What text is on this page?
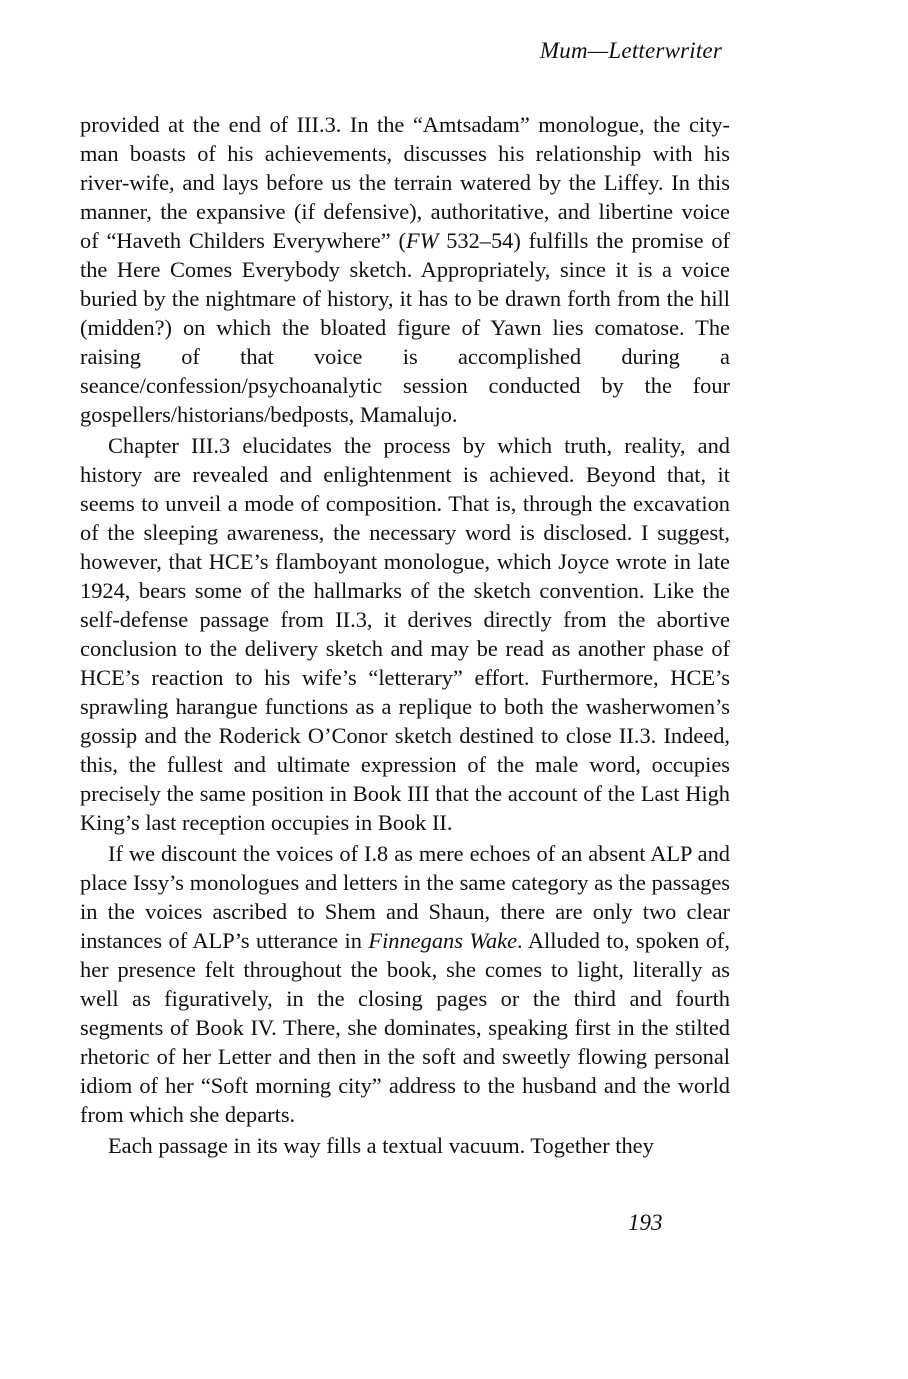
Mum—Letterwriter

provided at the end of III.3. In the “Amtsadam” monologue, the city-man boasts of his achievements, discusses his relationship with his river-wife, and lays before us the terrain watered by the Liffey. In this manner, the expansive (if defensive), authoritative, and libertine voice of “Haveth Childers Everywhere” (FW 532–54) fulfills the promise of the Here Comes Everybody sketch. Appropriately, since it is a voice buried by the nightmare of history, it has to be drawn forth from the hill (midden?) on which the bloated figure of Yawn lies comatose. The raising of that voice is accomplished during a seance/confession/psychoanalytic session conducted by the four gospellers/historians/bedposts, Mamalujo.

Chapter III.3 elucidates the process by which truth, reality, and history are revealed and enlightenment is achieved. Beyond that, it seems to unveil a mode of composition. That is, through the excavation of the sleeping awareness, the necessary word is disclosed. I suggest, however, that HCE’s flamboyant monologue, which Joyce wrote in late 1924, bears some of the hallmarks of the sketch convention. Like the self-defense passage from II.3, it derives directly from the abortive conclusion to the delivery sketch and may be read as another phase of HCE’s reaction to his wife’s “letterary” effort. Furthermore, HCE’s sprawling harangue functions as a replique to both the washerwomen’s gossip and the Roderick O’Conor sketch destined to close II.3. Indeed, this, the fullest and ultimate expression of the male word, occupies precisely the same position in Book III that the account of the Last High King’s last reception occupies in Book II.

If we discount the voices of I.8 as mere echoes of an absent ALP and place Issy’s monologues and letters in the same category as the passages in the voices ascribed to Shem and Shaun, there are only two clear instances of ALP’s utterance in Finnegans Wake. Alluded to, spoken of, her presence felt throughout the book, she comes to light, literally as well as figuratively, in the closing pages or the third and fourth segments of Book IV. There, she dominates, speaking first in the stilted rhetoric of her Letter and then in the soft and sweetly flowing personal idiom of her “Soft morning city” address to the husband and the world from which she departs.

Each passage in its way fills a textual vacuum. Together they

193
